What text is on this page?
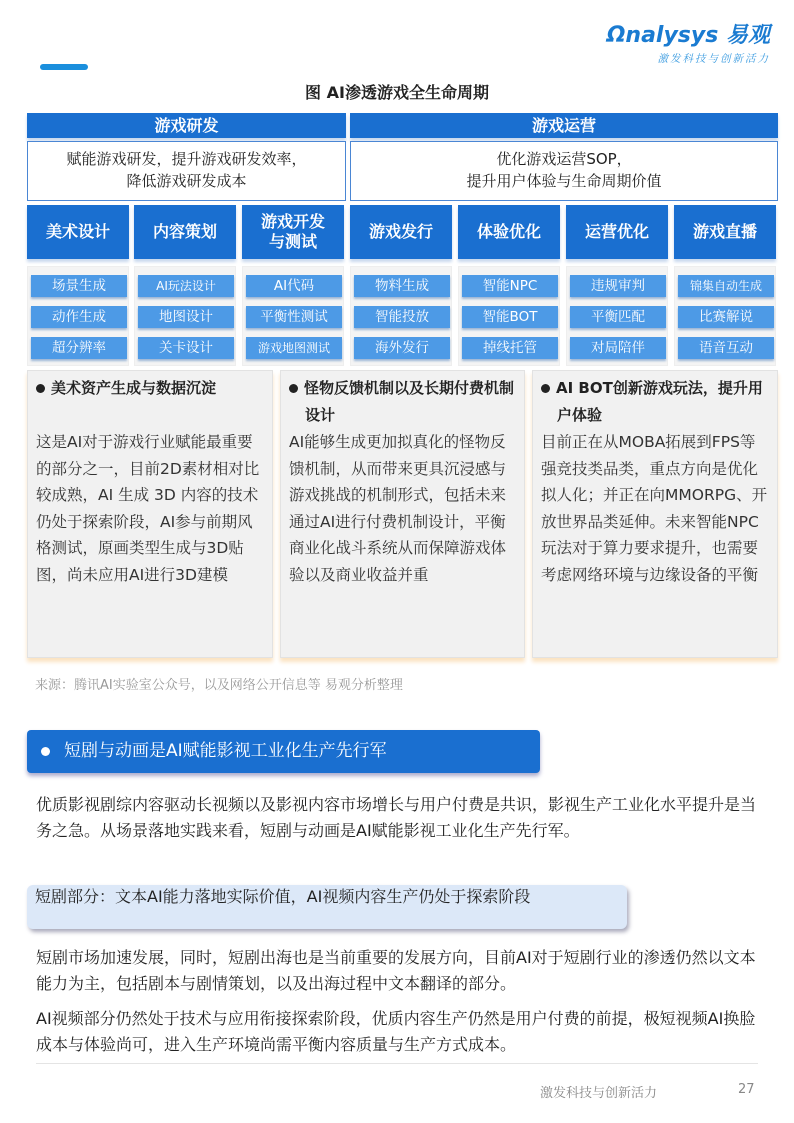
Ωnalysys 易观
激发科技与创新活力
图 AI渗透游戏全生命周期
游戏研发	游戏运营
赋能游戏研发，提升游戏研发效率，
降低游戏研发成本
优化游戏运营SOP，
提升用户体验与生命周期价值
美术设计
场景生成
动作生成
超分辨率
内容策划
AI玩法设计
地图设计
关卡设计
游戏开发与测试
AI代码
平衡性测试
游戏地图测试
游戏发行
物料生成
智能投放
海外发行
体验优化
智能NPC
智能BOT
掉线托管
运营优化
违规审判
平衡匹配
对局陪伴
游戏直播
锦集自动生成
比赛解说
语音互动
美术资产生成与数据沉淀

这是AI对于游戏行业赋能最重要的部分之一，目前2D素材相对比较成熟，AI 生成 3D 内容的技术仍处于探索阶段，AI参与前期风格测试，原画类型生成与3D贴图，尚未应用AI进行3D建模

怪物反馈机制以及长期付费机制设计

AI能够生成更加拟真化的怪物反馈机制，从而带来更具沉浸感与游戏挑战的机制形式，包括未来通过AI进行付费机制设计，平衡商业化战斗系统从而保障游戏体验以及商业收益并重

AI BOT创新游戏玩法，提升用户体验

目前正在从MOBA拓展到FPS等强竞技类品类，重点方向是优化拟人化；并正在向MMORPG、开放世界品类延伸。未来智能NPC玩法对于算力要求提升，也需要考虑网络环境与边缘设备的平衡

来源：腾讯AI实验室公众号，以及网络公开信息等 易观分析整理
短剧与动画是AI赋能影视工业化生产先行军
优质影视剧综内容驱动长视频以及影视内容市场增长与用户付费是共识，影视生产工业化水平提升是当务之急。从场景落地实践来看，短剧与动画是AI赋能影视工业化生产先行军。
短剧部分：文本AI能力落地实际价值，AI视频内容生产仍处于探索阶段
短剧市场加速发展，同时，短剧出海也是当前重要的发展方向，目前AI对于短剧行业的渗透仍然以文本能力为主，包括剧本与剧情策划，以及出海过程中文本翻译的部分。
AI视频部分仍然处于技术与应用衔接探索阶段，优质内容生产仍然是用户付费的前提，极短视频AI换脸成本与体验尚可，进入生产环境尚需平衡内容质量与生产方式成本。
激发科技与创新活力	27
